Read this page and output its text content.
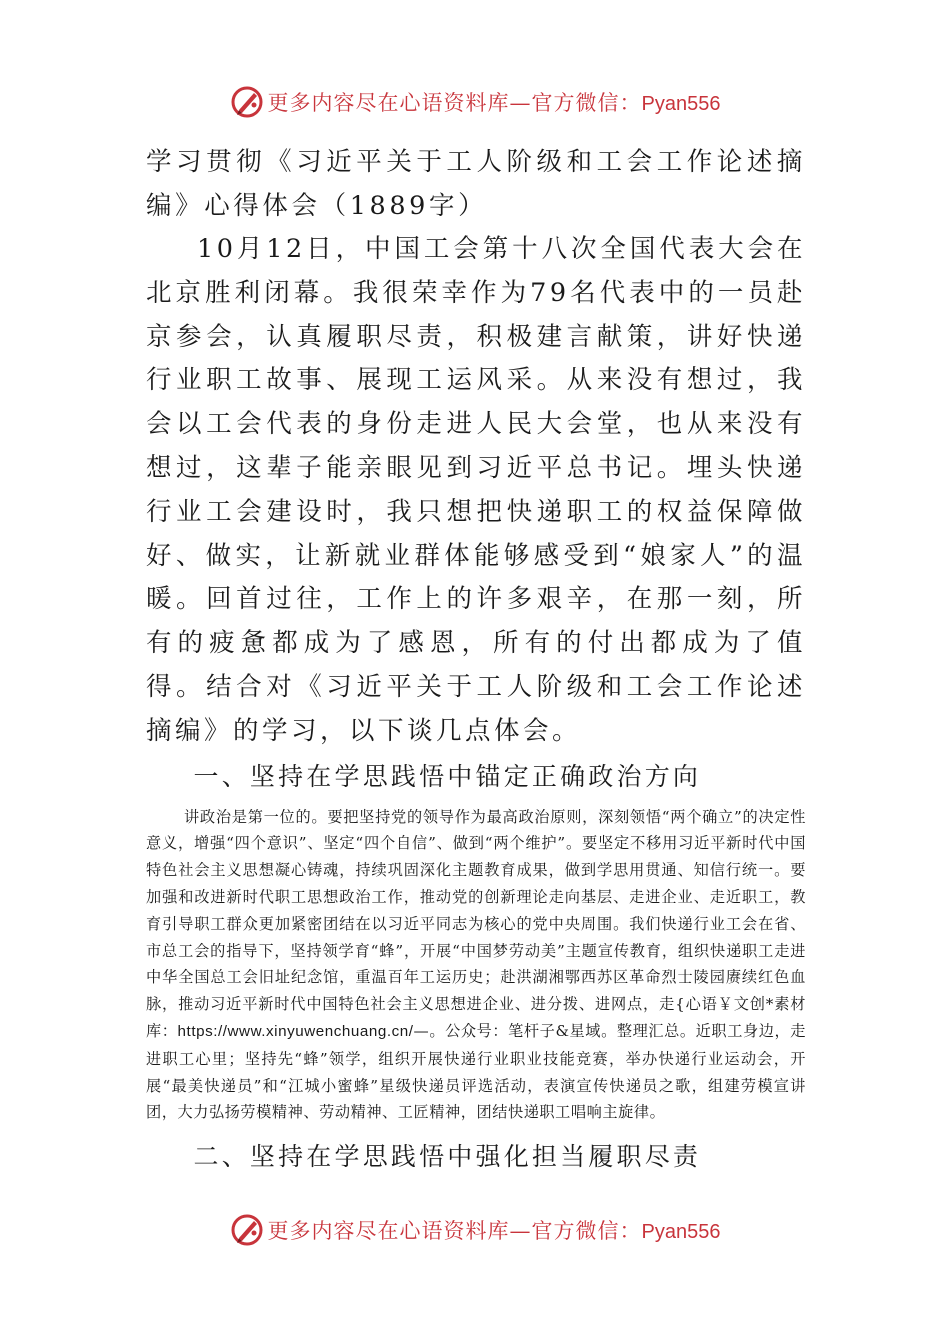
更多内容尽在心语资料库—官方微信：Pyan556
学习贯彻《习近平关于工人阶级和工会工作论述摘编》心得体会（1889字）

10月12日，中国工会第十八次全国代表大会在北京胜利闭幕。我很荣幸作为79名代表中的一员赴京参会，认真履职尽责，积极建言献策，讲好快递行业职工故事、展现工运风采。从来没有想过，我会以工会代表的身份走进人民大会堂，也从来没有想过，这辈子能亲眼见到习近平总书记。埋头快递行业工会建设时，我只想把快递职工的权益保障做好、做实，让新就业群体能够感受到“娘家人”的温暖。回首过往，工作上的许多艰辛，在那一刻，所有的疲惫都成为了感恩，所有的付出都成为了值得。结合对《习近平关于工人阶级和工会工作论述摘编》的学习，以下谈几点体会。

一、坚持在学思践悟中锚定正确政治方向

讲政治是第一位的。要把坚持党的领导作为最高政治原则，深刻领悟“两个确立”的决定性意义，增强“四个意识”、坚定“四个自信”、做到“两个维护”。要坚定不移用习近平新时代中国特色社会主义思想凝心铸魂，持续巩固深化主题教育成果，做到学思用贯通、知信行统一。要加强和改进新时代职工思想政治工作，推动党的创新理论走向基层、走进企业、走近职工，教育引导职工群众更加紧密团结在以习近平同志为核心的党中央周围。我们快递行业工会在省、市总工会的指导下，坚持领学育“蜂”，开展“中国梦劳动美”主题宣传教育，组织快递职工走进中华全国总工会旧址纪念馆，重温百年工运历史；赴洪湖湘鄂西苏区革命烈士陵园赓续红色血脉，推动习近平新时代中国特色社会主义思想进企业、进分拨、进网点，走{心语￥文创*素材库：https://www.xinyuwenchuang.cn/—。公众号：笔杆子&星域。整理汇总。近职工身边，走进职工心里；坚持先“蜂”领学，组织开展快递行业职业技能竞赛，举办快递行业运动会，开展“最美快递员”和“江城小蜜蜂”星级快递员评选活动，表演宣传快递员之歌，组建劳模宣讲团，大力弘扬劳模精神、劳动精神、工匠精神，团结快递职工唱响主旋律。

二、坚持在学思践悟中强化担当履职尽责
更多内容尽在心语资料库—官方微信：Pyan556
